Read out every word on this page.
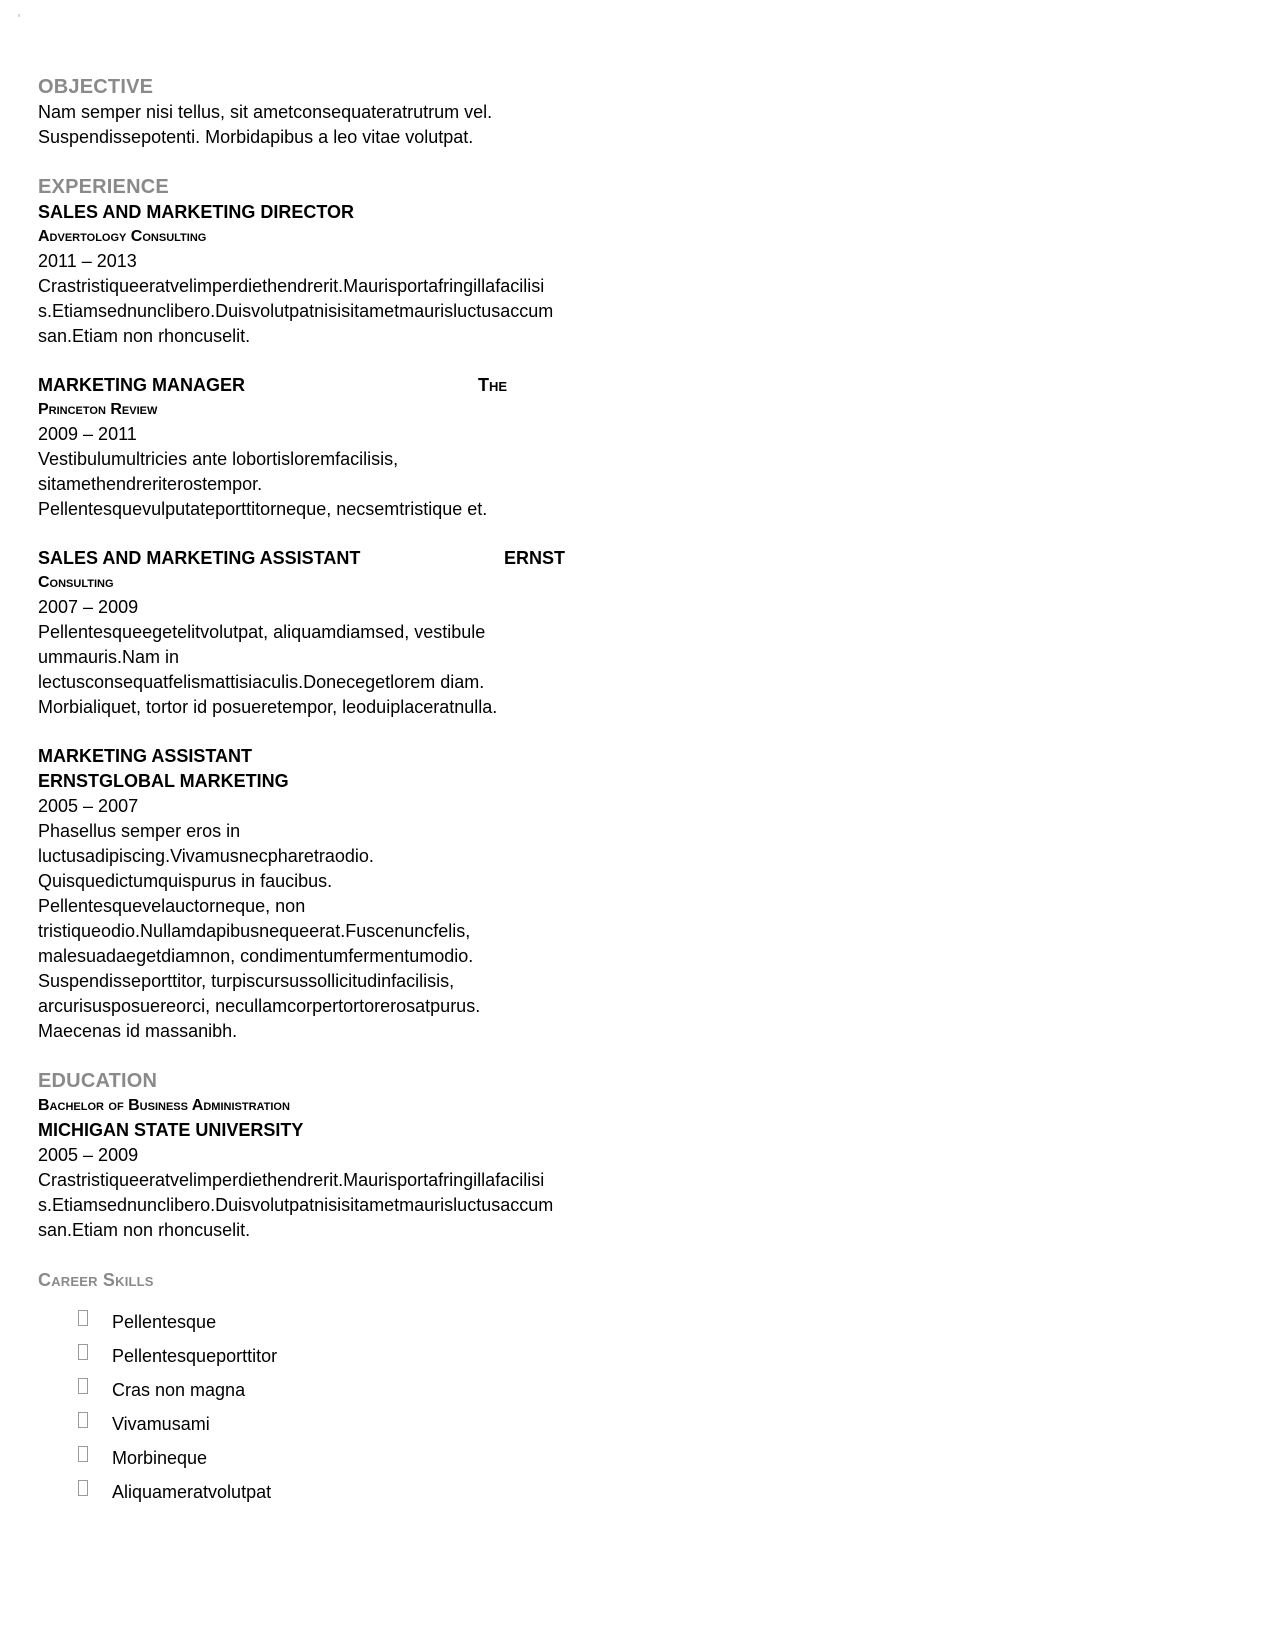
OBJECTIVE

Nam semper nisi tellus, sit ametconsequateratrutrum vel.
Suspendissepotenti. Morbidapibus a leo vitae volutpat.

EXPERIENCE
SALES AND MARKETING DIRECTOR
Advertology Consulting
2011 – 2013

Crastristiqueeratvelimperdiethendrerit.Maurisportafringillafacilisis.Etiamsednunclibero.Duisvolutpatnisisitametmaurisluctusaccumsan.Etiam non rhoncuselit.

MARKETING MANAGER	The
Princeton Review
2009 – 2011

Vestibulumultricies ante lobortisloremfacilisis,
sitamethendreriterostempor.
Pellentesquevulputateporttitorneque, necsemtristique et.

SALES AND MARKETING ASSISTANT	ERNST
Consulting
2007 – 2009

Pellentesqueegetelitvolutpat, aliquamdiamsed, vestibule
ummauris.Nam in
lectusconsequatfelismattisiaculis.Donecegetlorem diam.
Morbialiquet, tortor id posueretempor, leoduiplaceratnulla.

MARKETING ASSISTANT
ERNSTGLOBAL MARKETING
2005 – 2007

Phasellus semper eros in
luctusadipiscing.Vivamusnecpharetraodio.
Quisquedictumquispurus in faucibus.
Pellentesquevelauctorneque, non
tristiqueodio.Nullamdapibusnequeerat.Fuscenuncfelis,
malesuadaegetdiamnon, condimentumfermentumodio.
Suspendisseporttitor, turpiscursussollicitudinfacilisis,
arcurisusposuereorci, necullamcorpertortorerosatpurus.
Maecenas id massanibh.

EDUCATION
Bachelor of Business Administration
MICHIGAN STATE UNIVERSITY
2005 – 2009

Crastristiqueeratvelimperdiethendrerit.Maurisportafringillafacilisis.Etiamsednunclibero.Duisvolutpatnisisitametmaurisluctusaccumsan.Etiam non rhoncuselit.

Career Skills
Pellentesque
Pellentesqueporttitor
Cras non magna
Vivamusami
Morbineque
Aliquameratvolutpat
